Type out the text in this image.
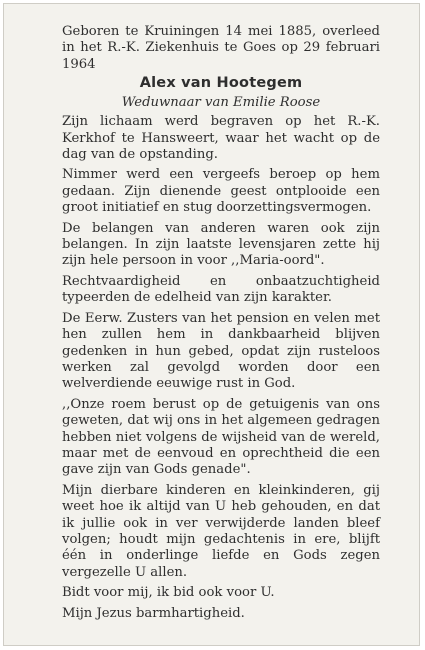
Geboren te Kruiningen 14 mei 1885, overleed in het R.-K. Ziekenhuis te Goes op 29 februari 1964

Alex van Hootegem
Weduwnaar van Emilie Roose

Zijn lichaam werd begraven op het R.-K. Kerkhof te Hansweert, waar het wacht op de dag van de opstanding.

Nimmer werd een vergeefs beroep op hem gedaan. Zijn dienende geest ontplooide een groot initiatief en stug doorzettingsvermogen.

De belangen van anderen waren ook zijn belangen. In zijn laatste levensjaren zette hij zijn hele persoon in voor ,,Maria-oord".

Rechtvaardigheid en onbaatzuchtigheid typeerden de edelheid van zijn karakter.

De Eerw. Zusters van het pension en velen met hen zullen hem in dankbaarheid blijven gedenken in hun gebed, opdat zijn rusteloos werken zal gevolgd worden door een welverdiende eeuwige rust in God.

,,Onze roem berust op de getuigenis van ons geweten, dat wij ons in het algemeen gedragen hebben niet volgens de wijsheid van de wereld, maar met de eenvoud en oprechtheid die een gave zijn van Gods genade".

Mijn dierbare kinderen en kleinkinderen, gij weet hoe ik altijd van U heb gehouden, en dat ik jullie ook in ver verwijderde landen bleef volgen; houdt mijn gedachtenis in ere, blijft één in onderlinge liefde en Gods zegen vergezelle U allen.

Bidt voor mij, ik bid ook voor U.

Mijn Jezus barmhartigheid.
